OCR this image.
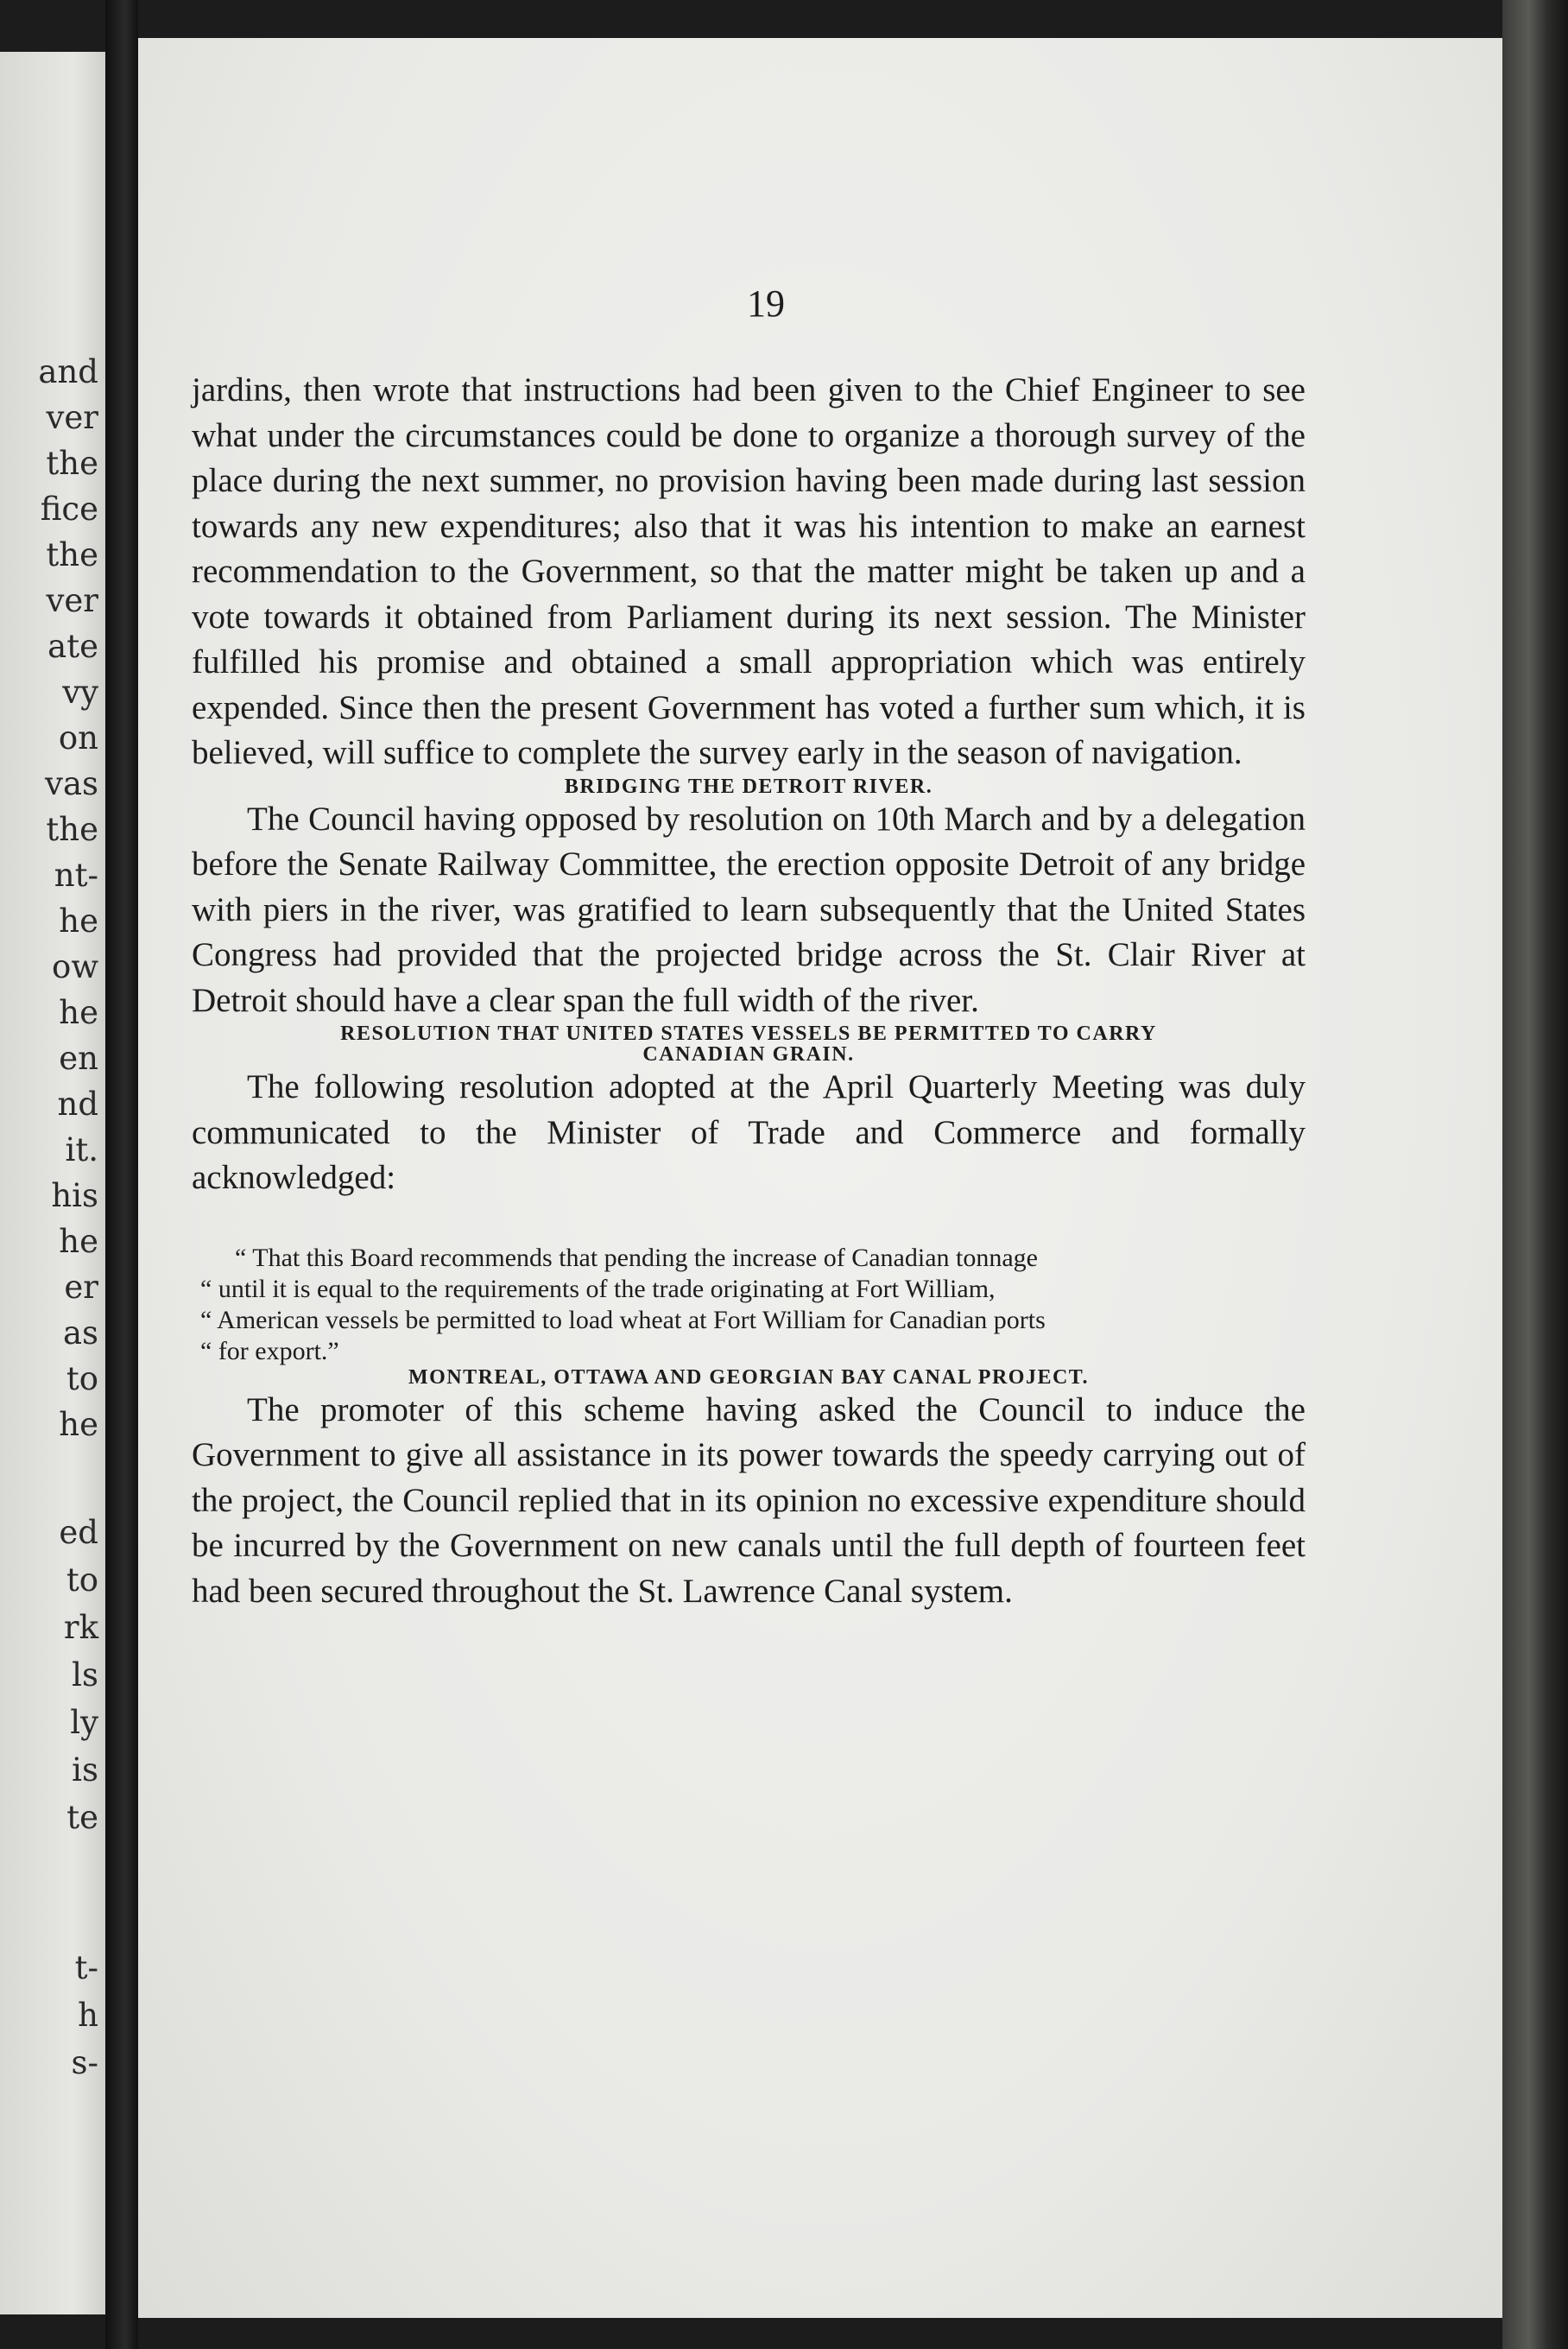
and
ver
the
fice
the
ver
ate
vy
on
vas
the
nt-
he
ow
he
en
nd
it.
his
he
er
as
to
he
ed
to
rk
ls
ly
is
te
t-
h
s-
19

jardins, then wrote that instructions had been given to the Chief Engineer to see what under the circumstances could be done to organize a thorough survey of the place during the next summer, no provision having been made during last session towards any new expenditures; also that it was his intention to make an earnest recommendation to the Government, so that the matter might be taken up and a vote towards it obtained from Parliament during its next session. The Minister fulfilled his promise and obtained a small appropriation which was entirely expended. Since then the present Government has voted a further sum which, it is believed, will suffice to complete the survey early in the season of navigation.

BRIDGING THE DETROIT RIVER.

The Council having opposed by resolution on 10th March and by a delegation before the Senate Railway Committee, the erection opposite Detroit of any bridge with piers in the river, was gratified to learn subsequently that the United States Congress had provided that the projected bridge across the St. Clair River at Detroit should have a clear span the full width of the river.

RESOLUTION THAT UNITED STATES VESSELS BE PERMITTED TO CARRY
CANADIAN GRAIN.

The following resolution adopted at the April Quarterly Meeting was duly communicated to the Minister of Trade and Commerce and formally acknowledged:

“ That this Board recommends that pending the increase of Canadian tonnage
“ until it is equal to the requirements of the trade originating at Fort William,
“ American vessels be permitted to load wheat at Fort William for Canadian ports
“ for export.”
MONTREAL, OTTAWA AND GEORGIAN BAY CANAL PROJECT.

The promoter of this scheme having asked the Council to induce the Government to give all assistance in its power towards the speedy carrying out of the project, the Council replied that in its opinion no excessive expenditure should be incurred by the Government on new canals until the full depth of fourteen feet had been secured throughout the St. Lawrence Canal system.
